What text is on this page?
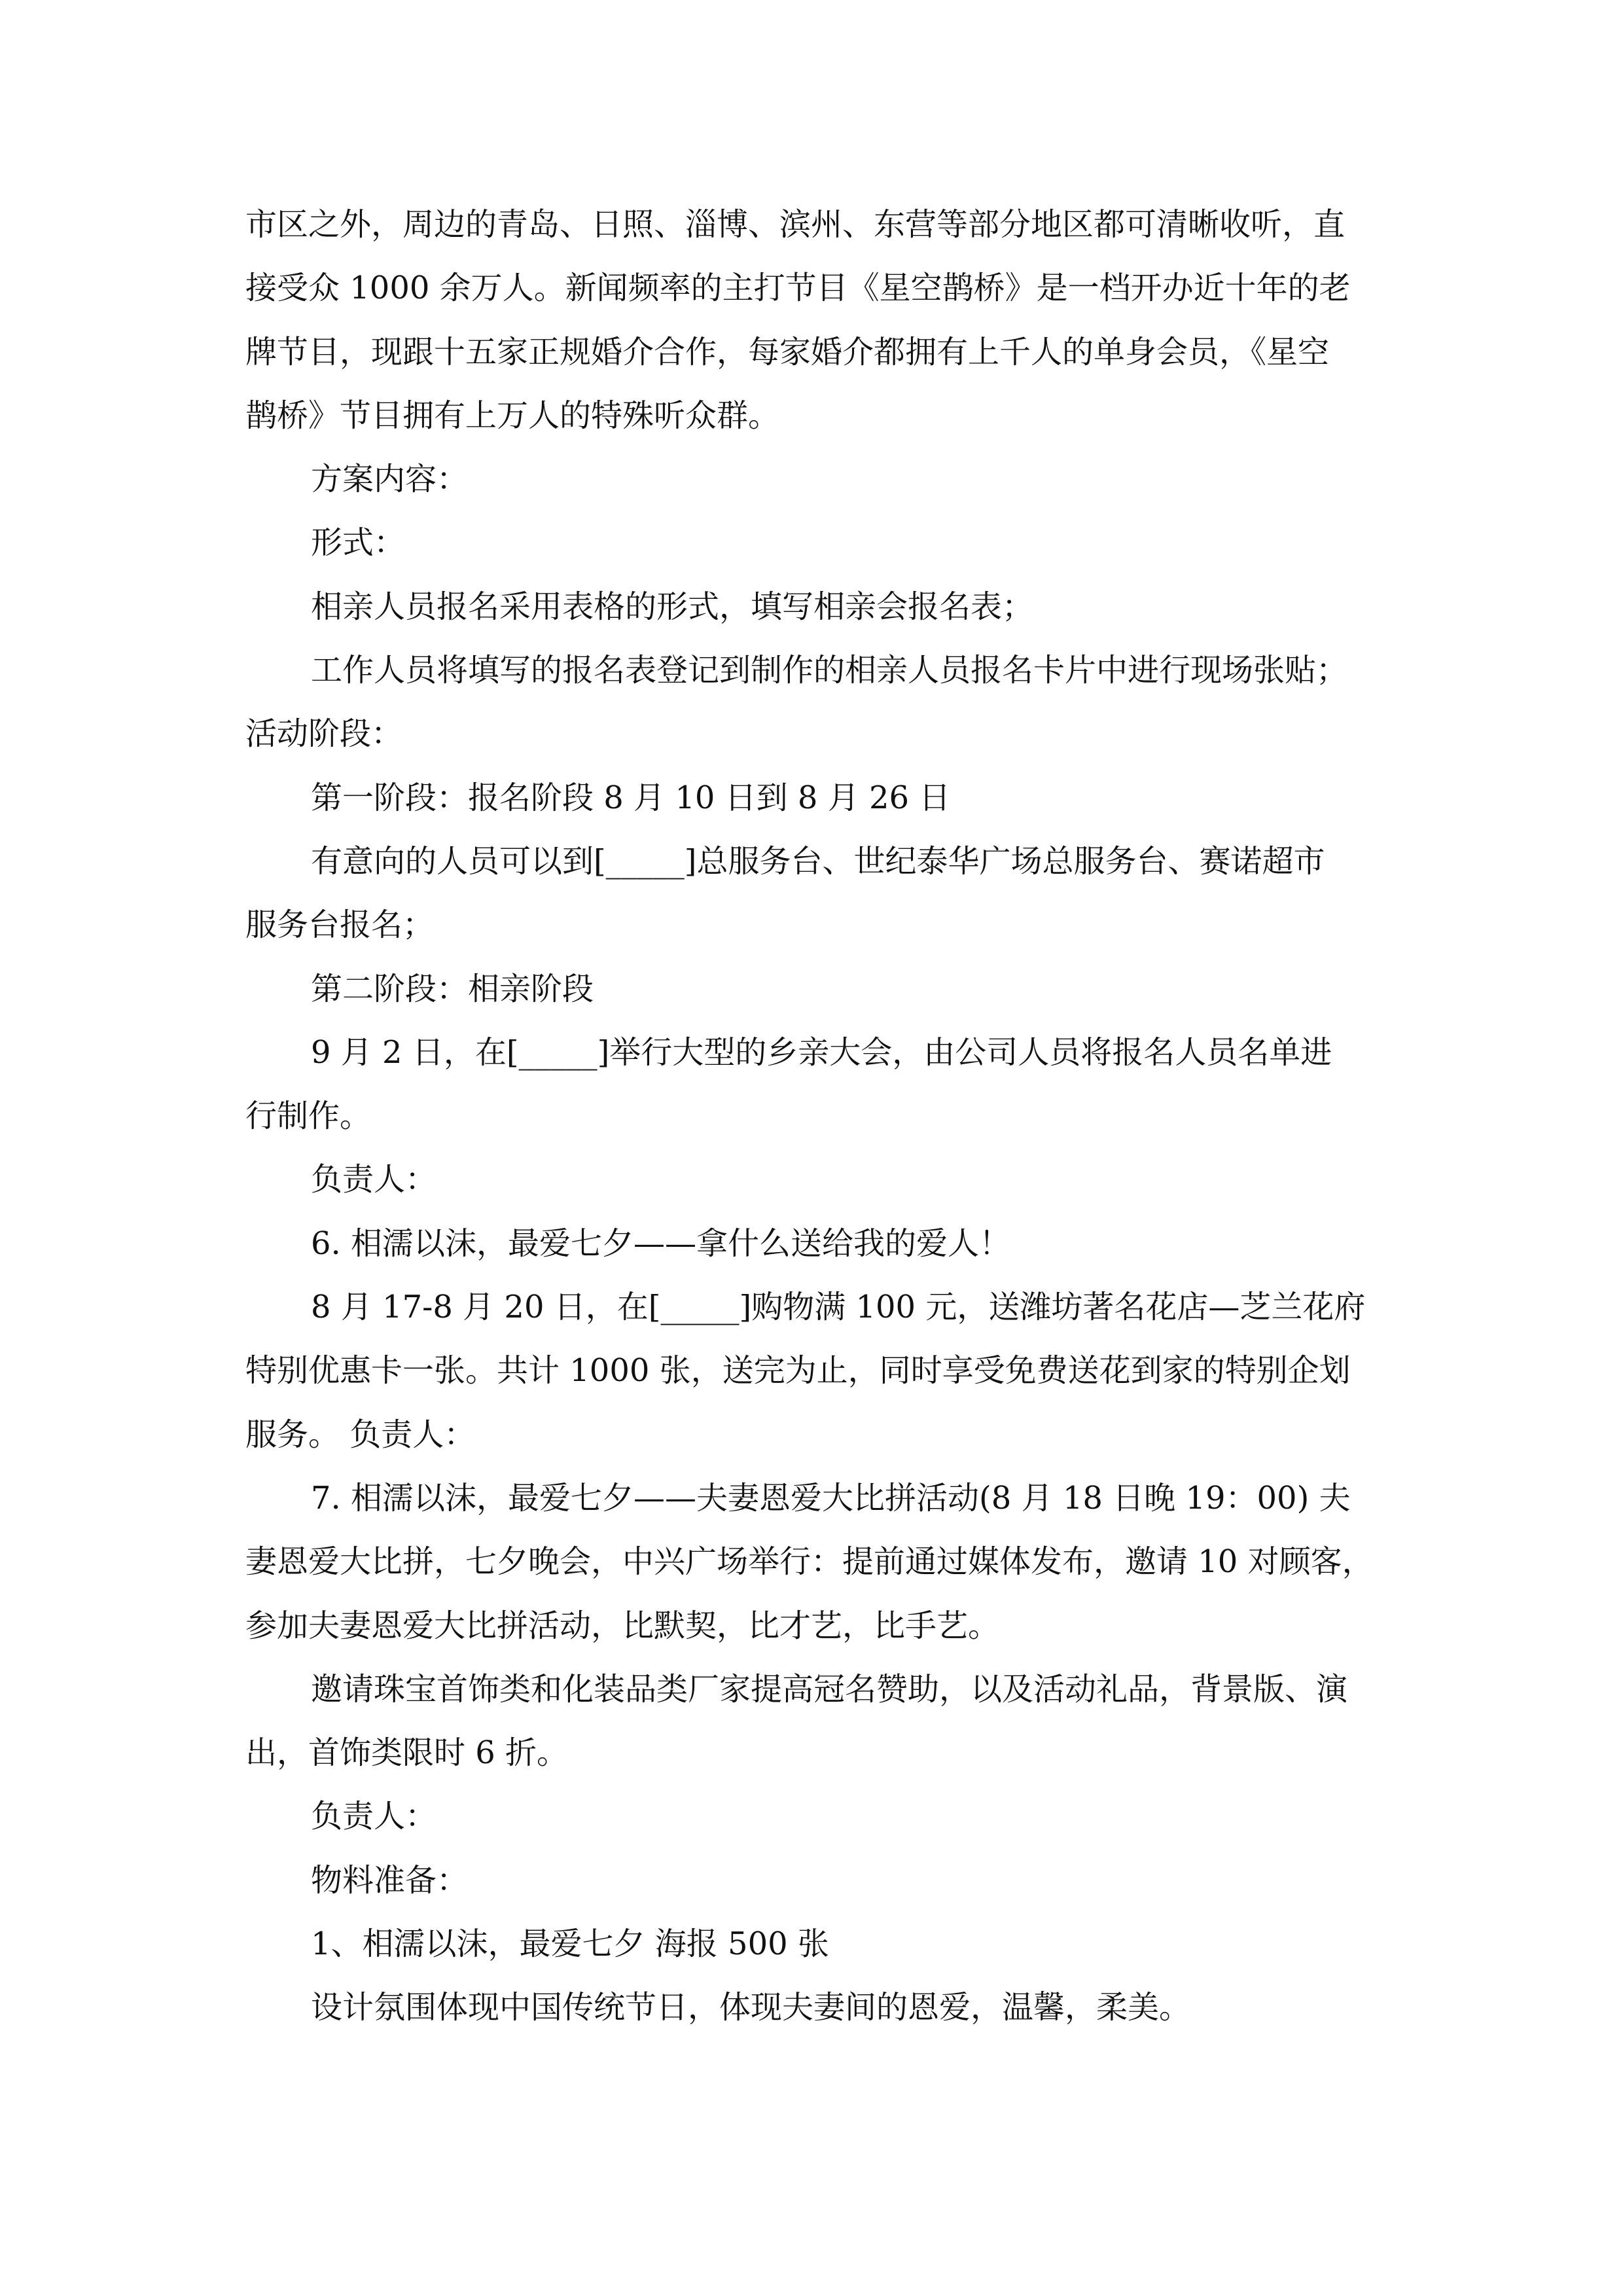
市区之外，周边的青岛、日照、淄博、滨州、东营等部分地区都可清晰收听，直
接受众 1000 余万人。新闻频率的主打节目《星空鹊桥》是一档开办近十年的老
牌节目，现跟十五家正规婚介合作，每家婚介都拥有上千人的单身会员，《星空
鹊桥》节目拥有上万人的特殊听众群。
方案内容：
形式：
相亲人员报名采用表格的形式，填写相亲会报名表；
工作人员将填写的报名表登记到制作的相亲人员报名卡片中进行现场张贴；
活动阶段：
第一阶段：报名阶段 8 月 10 日到 8 月 26 日
有意向的人员可以到[_____]总服务台、世纪泰华广场总服务台、赛诺超市
服务台报名；
第二阶段：相亲阶段
9 月 2 日，在[_____]举行大型的乡亲大会，由公司人员将报名人员名单进
行制作。
负责人：
6. 相濡以沫，最爱七夕——拿什么送给我的爱人！
8 月 17-8 月 20 日，在[_____]购物满 100 元，送潍坊著名花店—芝兰花府
特别优惠卡一张。共计 1000 张，送完为止，同时享受免费送花到家的特别企划
服务。 负责人：
7. 相濡以沫，最爱七夕——夫妻恩爱大比拼活动(8 月 18 日晚 19：00) 夫
妻恩爱大比拼，七夕晚会，中兴广场举行：提前通过媒体发布，邀请 10 对顾客，
参加夫妻恩爱大比拼活动，比默契，比才艺，比手艺。
邀请珠宝首饰类和化装品类厂家提高冠名赞助，以及活动礼品，背景版、演
出，首饰类限时 6 折。
负责人：
物料准备：
1、相濡以沫，最爱七夕 海报 500 张
设计氛围体现中国传统节日，体现夫妻间的恩爱，温馨，柔美。
